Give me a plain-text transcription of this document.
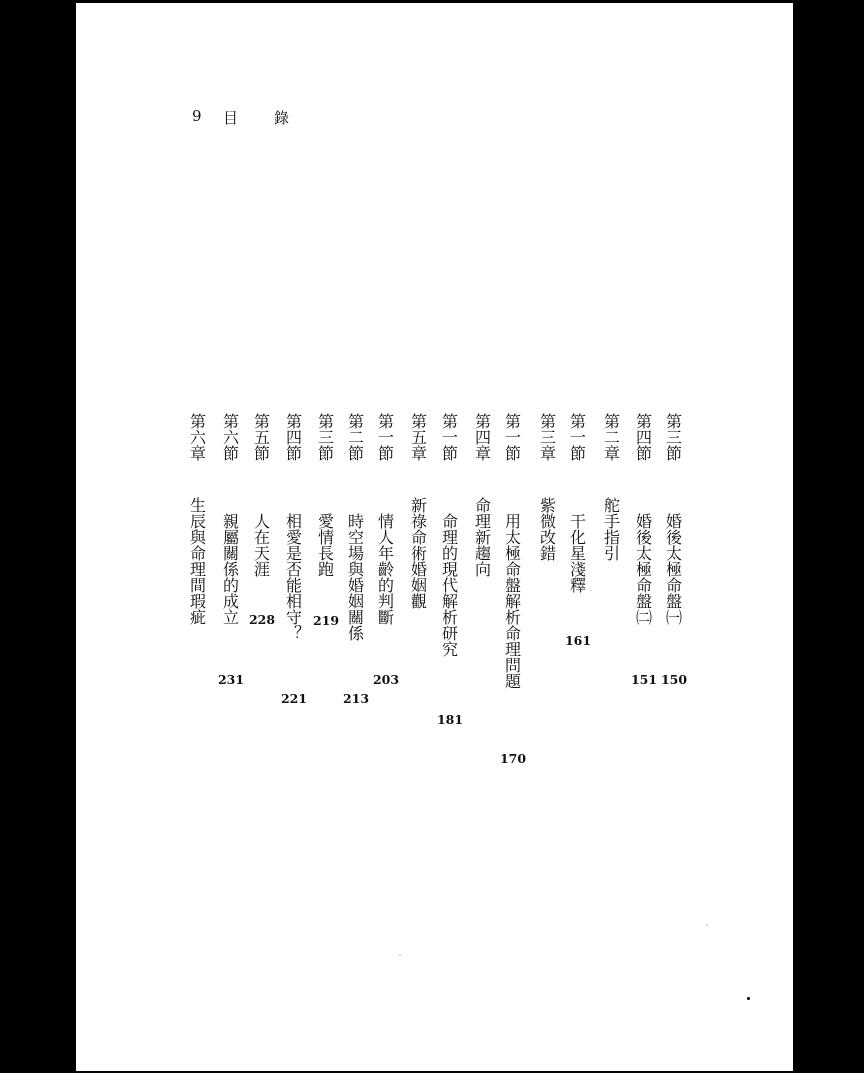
9 目 錄
第三節
婚後太極命盤㈠
150
第四節
婚後太極命盤㈡
151
第二章
舵手指引
第一節
干化星淺釋
161
第三章
紫微改錯
第一節
用太極命盤解析命理問題
170
第四章
命理新趨向
第一節
命理的現代解析研究
181
第五章
新祿命術婚姻觀
第一節
情人年齡的判斷
203
第二節
時空場與婚姻關係
213
第三節
愛情長跑
219
第四節
相愛是否能相守？
221
第五節
人在天涯
228
第六節
親屬關係的成立
231
第六章
生辰與命理間瑕疵
